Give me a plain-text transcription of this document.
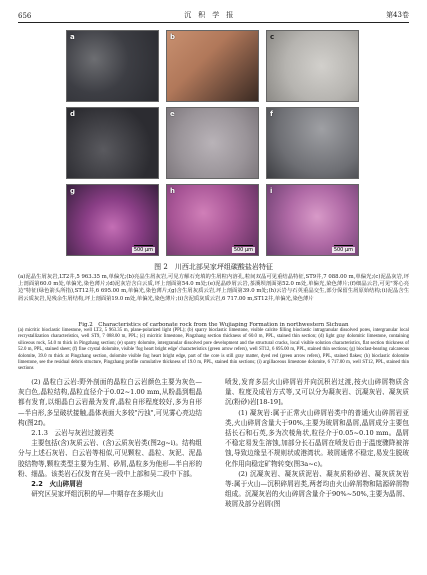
656	沉　积　学　报	第43卷
a	b	c
d	e	f
g
500 μm
h
500 μm
i
500 μm
图 2　川西北部吴家坪组碳酸盐岩特征
(a)泥晶生屑灰岩,LT2井,5 963.35 m,单偏光;(b)亮晶生屑灰岩,可见方解石充填的生屑粒内溶孔,粒间双晶可见重结晶特征,ST9井,7 088.00 m,单偏光;(c)泥晶灰岩,坪上剖面第60.0 m处,单偏光,染色薄片;(d)泥灰岩含白云质,坪上剖面第54.0 m处;(e)泥晶砂屑云岩,茶溪坝剖面第52.0 m处,单偏光,染色薄片;(f)细晶云岩,可见"雾心亮边"特征(绿色箭头所指),ST12井,6 695.00 m,单偏光,染色薄片;(g)含生屑灰质云岩,坪上剖面第39.0 m处;(h)云岩与石英重晶交生,部分保留生屑原始结构;(i)泥晶含生屑云质灰岩,见残余生屑结构,坪上剖面第19.0 m处,单偏光,染色薄片;(i)含泥质灰质云岩,6 717.00 m,ST12井,单偏光,染色薄片
Fig.2　Characteristics of carbonate rock from the Wujiaping Formation in northwestern Sichuan
(a) micritic bioclastic limestone, well LT2, 5 963.35 m, plane-polarized light (PPL); (b) sparry bioclastic limestone, visible calcite filling bioclastic intragranular dissolved pores, intergranular local recrystallization characteristics, well ST9, 7 088.00 m, PPL; (c) micritic limestone, Pingzhang section thickness of 60.0 m, PPL, stained thin section; (d) light gray dolomitic limestone, containing siliceous rock, 54.0 m thick in Pingzhang section; (e) sparry dolomite, intergranular dissolved pore development and the structural cracks, local visible solution characteristics, flat section thickness of 52.0 m, PPL, stained sheet; (f) fine crystal dolomite, visible 'fog heart bright edge' characteristics (green arrow refers), well ST12, 6 695.00 m, PPL, stained thin sections; (g) bioclast-bearing calcareous dolomite, 39.0 m thick at Pingzhang section, dolomite visible fog heart bright edge, part of the core is still gray matter, dyed red (green arrow refers), PPL, stained flakes; (h) bioclastic dolomite limestone, see the residual debris structure, Pingzhang profile cumulative thickness of 19.0 m, PPL, stained thin sections; (i) argillaceous limestone dolomite, 6 717.00 m, well ST12, PPL, stained thin sections

(2) 晶粒白云岩:野外剖面的晶粒白云岩颜色主要为灰色—灰白色,晶粒结构,晶粒直径介于0.02~1.00 mm,从粉晶到粗晶都有发育,以细晶白云岩最为发育,晶粒自形程度较好,多为自形—半自形,多呈破状接触,晶体表面大多较"污浊",可见雾心亮边结构(图2f)。

2.1.3　云岩与灰岩过渡岩类

主要包括(含)灰质云岩、(含)云质灰岩类(图2g~i)。结构组分与上述石灰岩、白云岩等相似,可见颗粒、晶粒、灰泥、泥晶胶结物等,颗粒类型主要为生屑、砂屑,晶粒多为他形—半自形的粉、细晶。该类岩石仅发育在吴一段中上部和吴二段中下部。

2.2　火山碎屑岩

研究区吴家坪组沉积的早—中期存在多期火山

喷发,发育多层火山碎屑岩并向沉积岩过渡,按火山碎屑物质含量、粒度及成岩方式等,又可以分为凝灰岩、沉凝灰岩、凝灰质沉(粉砂)岩[18-19]。

(1) 凝灰岩:属于正常火山碎屑岩类中的普通火山碎屑岩亚类,火山碎屑含量大于90%,主要为玻屑和晶屑,晶屑成分主要包括长石和石英,多为次棱角状,粒径介于0.05~0.10 mm。晶屑不稳定易发生溶蚀,加部分长石晶屑在喷发后由于温度骤降被溶蚀,导致边缘呈不规则状或港湾状。玻屑通常不稳定,易发生脱玻化作用向稳定矿物转变(图3a~c)。

(2) 沉凝灰岩、凝灰质泥岩、凝灰质粉砂岩、凝灰质灰岩等:属于火山—沉积碎屑岩类,两者均由火山碎屑物和陆源碎屑物组成。沉凝灰岩的火山碎屑含量介于90%~50%,主要为晶屑、玻屑及部分岩屑(图
